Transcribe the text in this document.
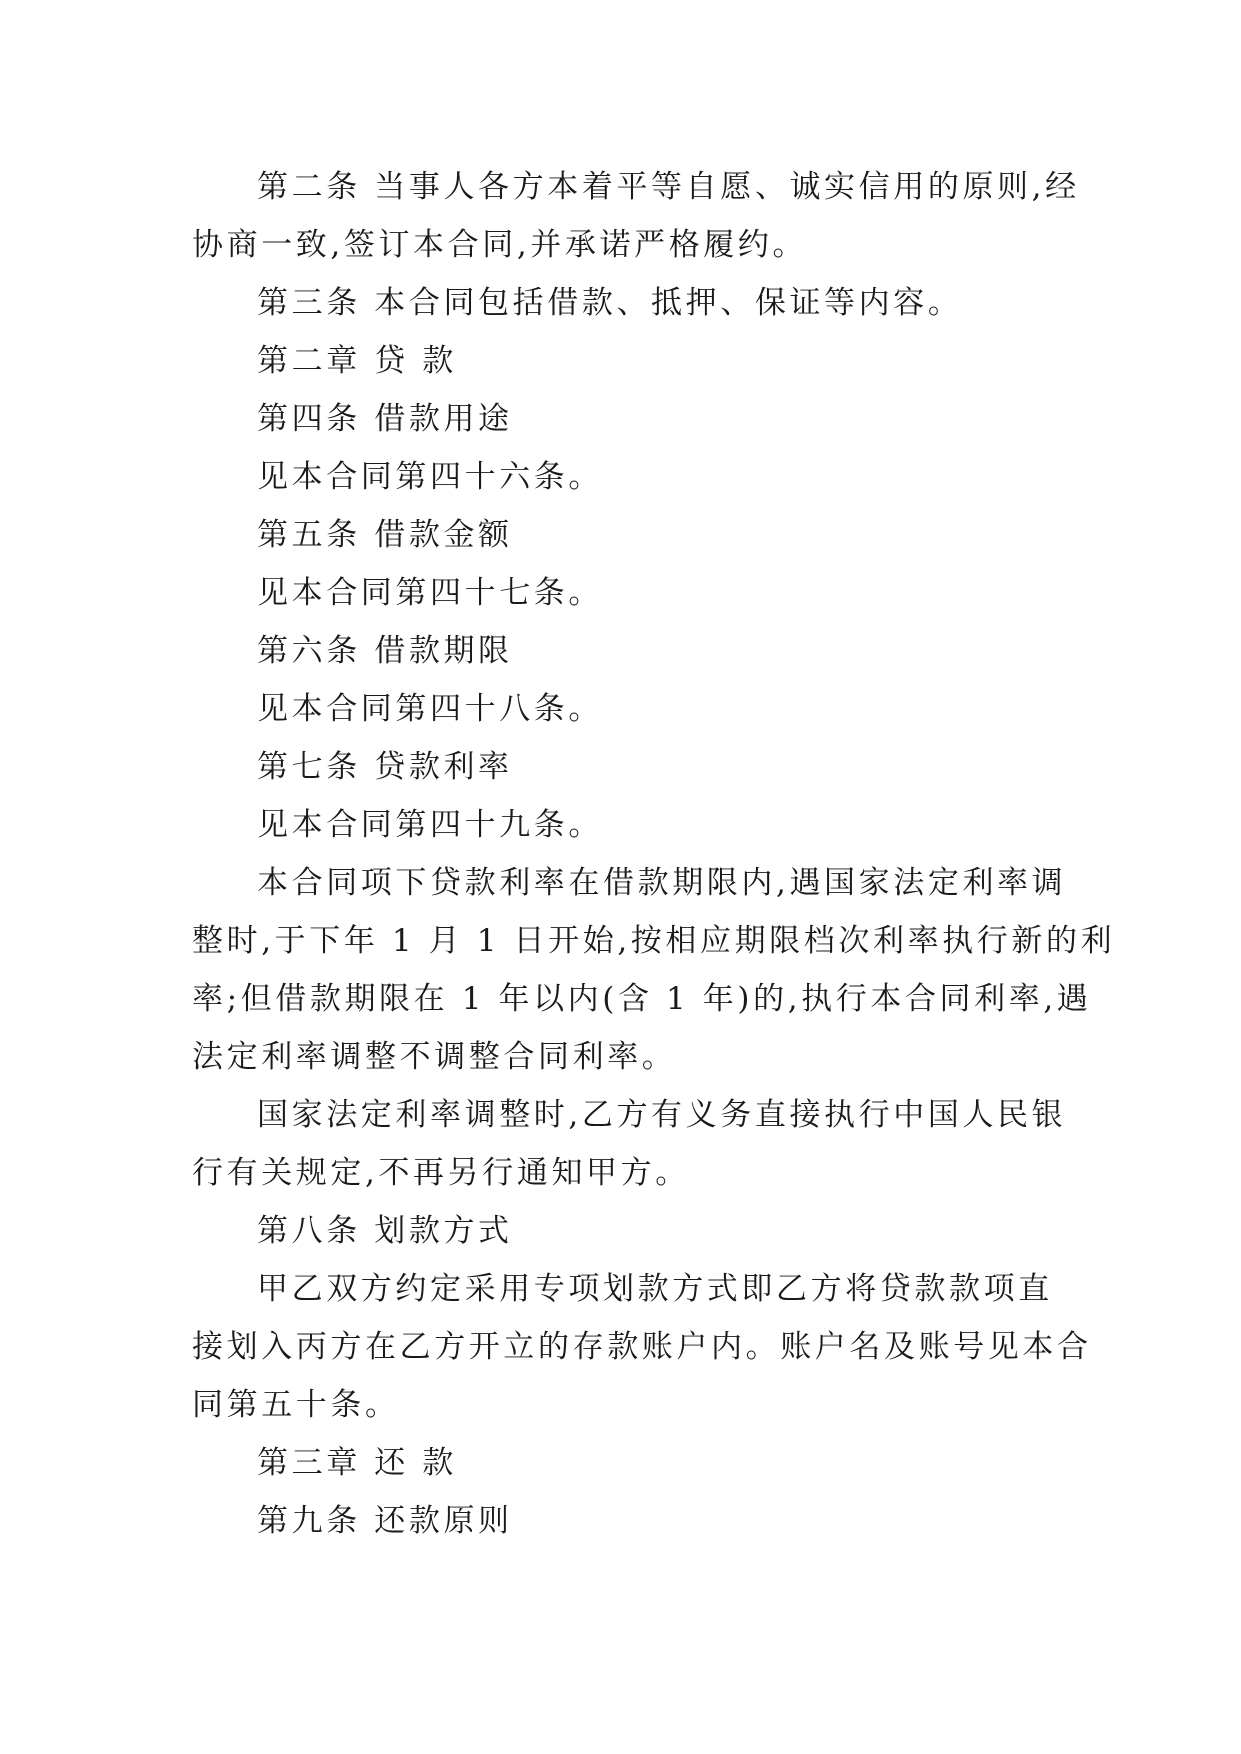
第二条 当事人各方本着平等自愿、诚实信用的原则,经
协商一致,签订本合同,并承诺严格履约。
第三条 本合同包括借款、抵押、保证等内容。
第二章 贷 款
第四条 借款用途
见本合同第四十六条。
第五条 借款金额
见本合同第四十七条。
第六条 借款期限
见本合同第四十八条。
第七条 贷款利率
见本合同第四十九条。
本合同项下贷款利率在借款期限内,遇国家法定利率调
整时,于下年 1 月 1 日开始,按相应期限档次利率执行新的利
率;但借款期限在 1 年以内(含 1 年)的,执行本合同利率,遇
法定利率调整不调整合同利率。
国家法定利率调整时,乙方有义务直接执行中国人民银
行有关规定,不再另行通知甲方。
第八条 划款方式
甲乙双方约定采用专项划款方式即乙方将贷款款项直
接划入丙方在乙方开立的存款账户内。账户名及账号见本合
同第五十条。
第三章 还 款
第九条 还款原则
